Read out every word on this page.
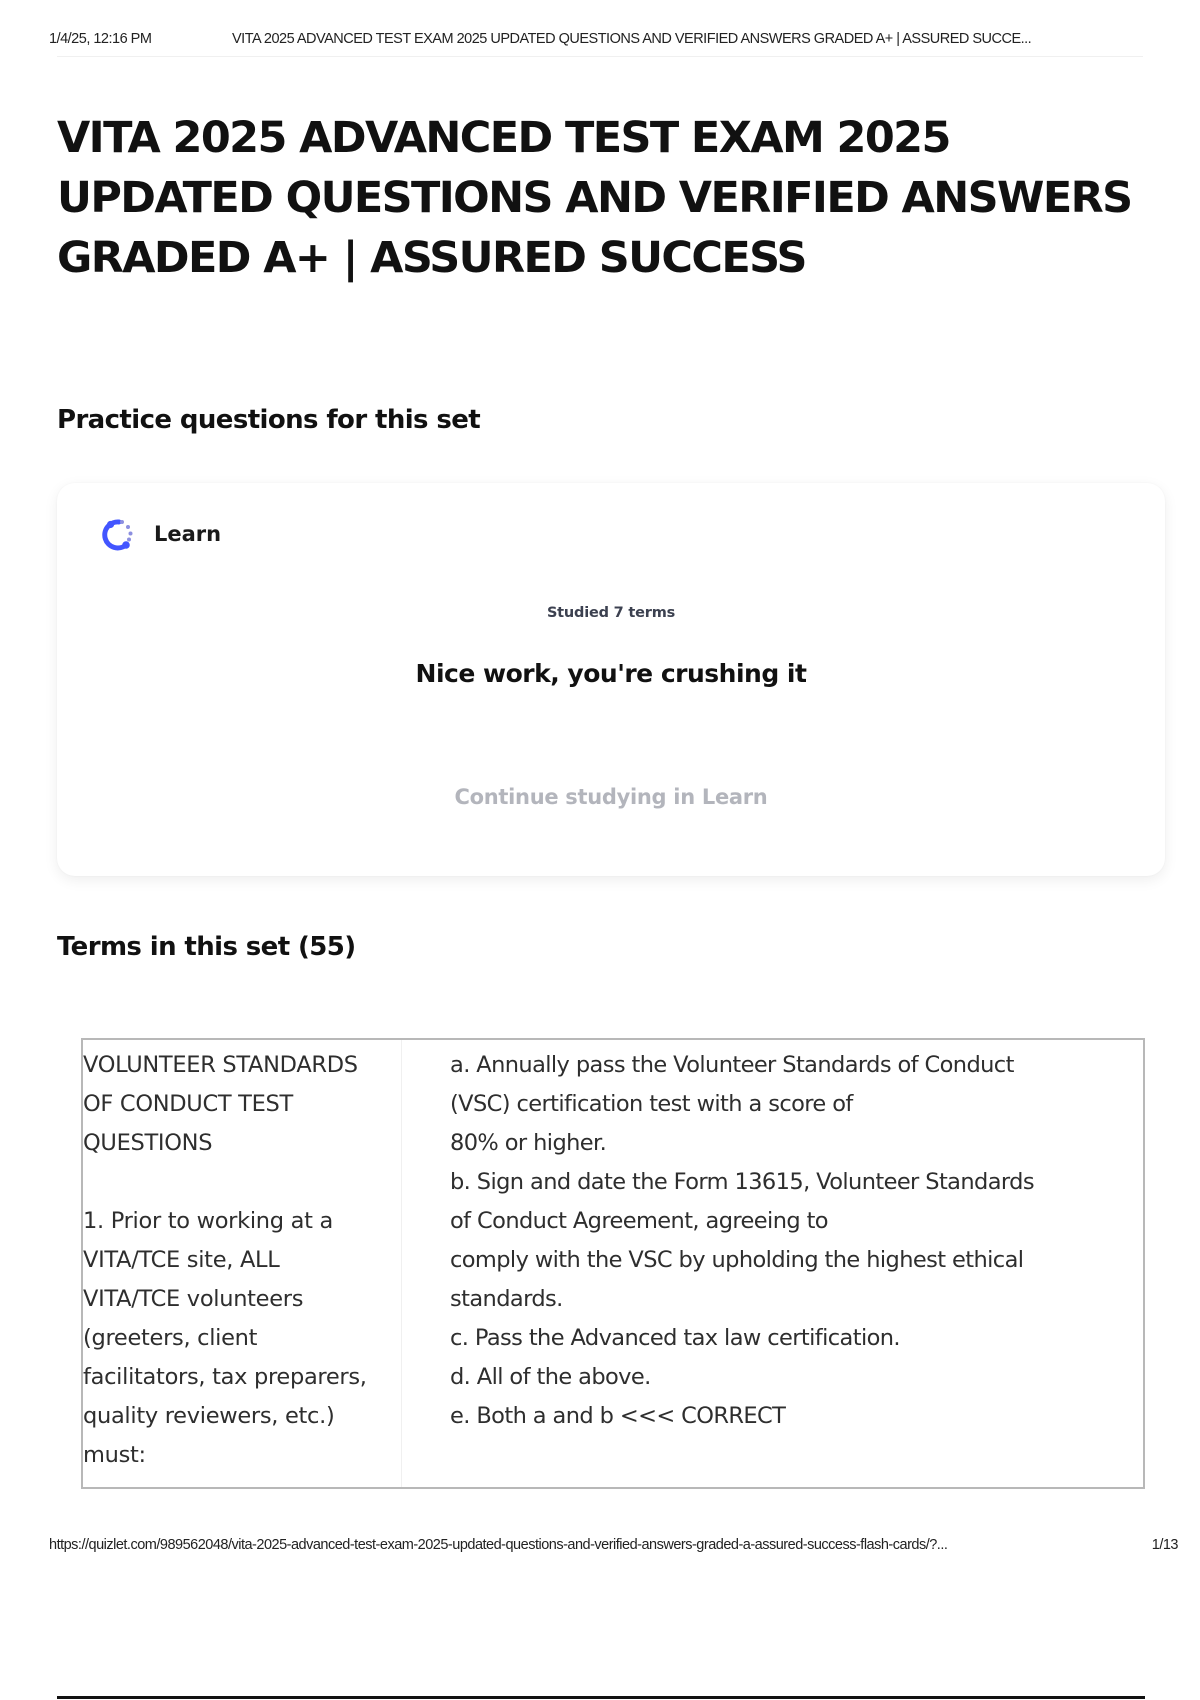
1/4/25, 12:16 PM	VITA 2025 ADVANCED TEST EXAM 2025 UPDATED QUESTIONS AND VERIFIED ANSWERS GRADED A+ | ASSURED SUCCE...
VITA 2025 ADVANCED TEST EXAM 2025
UPDATED QUESTIONS AND VERIFIED ANSWERS
GRADED A+ | ASSURED SUCCESS
Practice questions for this set
Learn
Studied 7 terms
Nice work, you're crushing it
Continue studying in Learn
Terms in this set (55)
VOLUNTEER STANDARDS
OF CONDUCT TEST
QUESTIONS
1. Prior to working at a
VITA/TCE site, ALL
VITA/TCE volunteers
(greeters, client
facilitators, tax preparers,
quality reviewers, etc.)
must:
a. Annually pass the Volunteer Standards of Conduct
(VSC) certification test with a score of
80% or higher.
b. Sign and date the Form 13615, Volunteer Standards
of Conduct Agreement, agreeing to
comply with the VSC by upholding the highest ethical
standards.
c. Pass the Advanced tax law certification.
d. All of the above.
e. Both a and b <<< CORRECT
https://quizlet.com/989562048/vita-2025-advanced-test-exam-2025-updated-questions-and-verified-answers-graded-a-assured-success-flash-cards/?...	1/13
